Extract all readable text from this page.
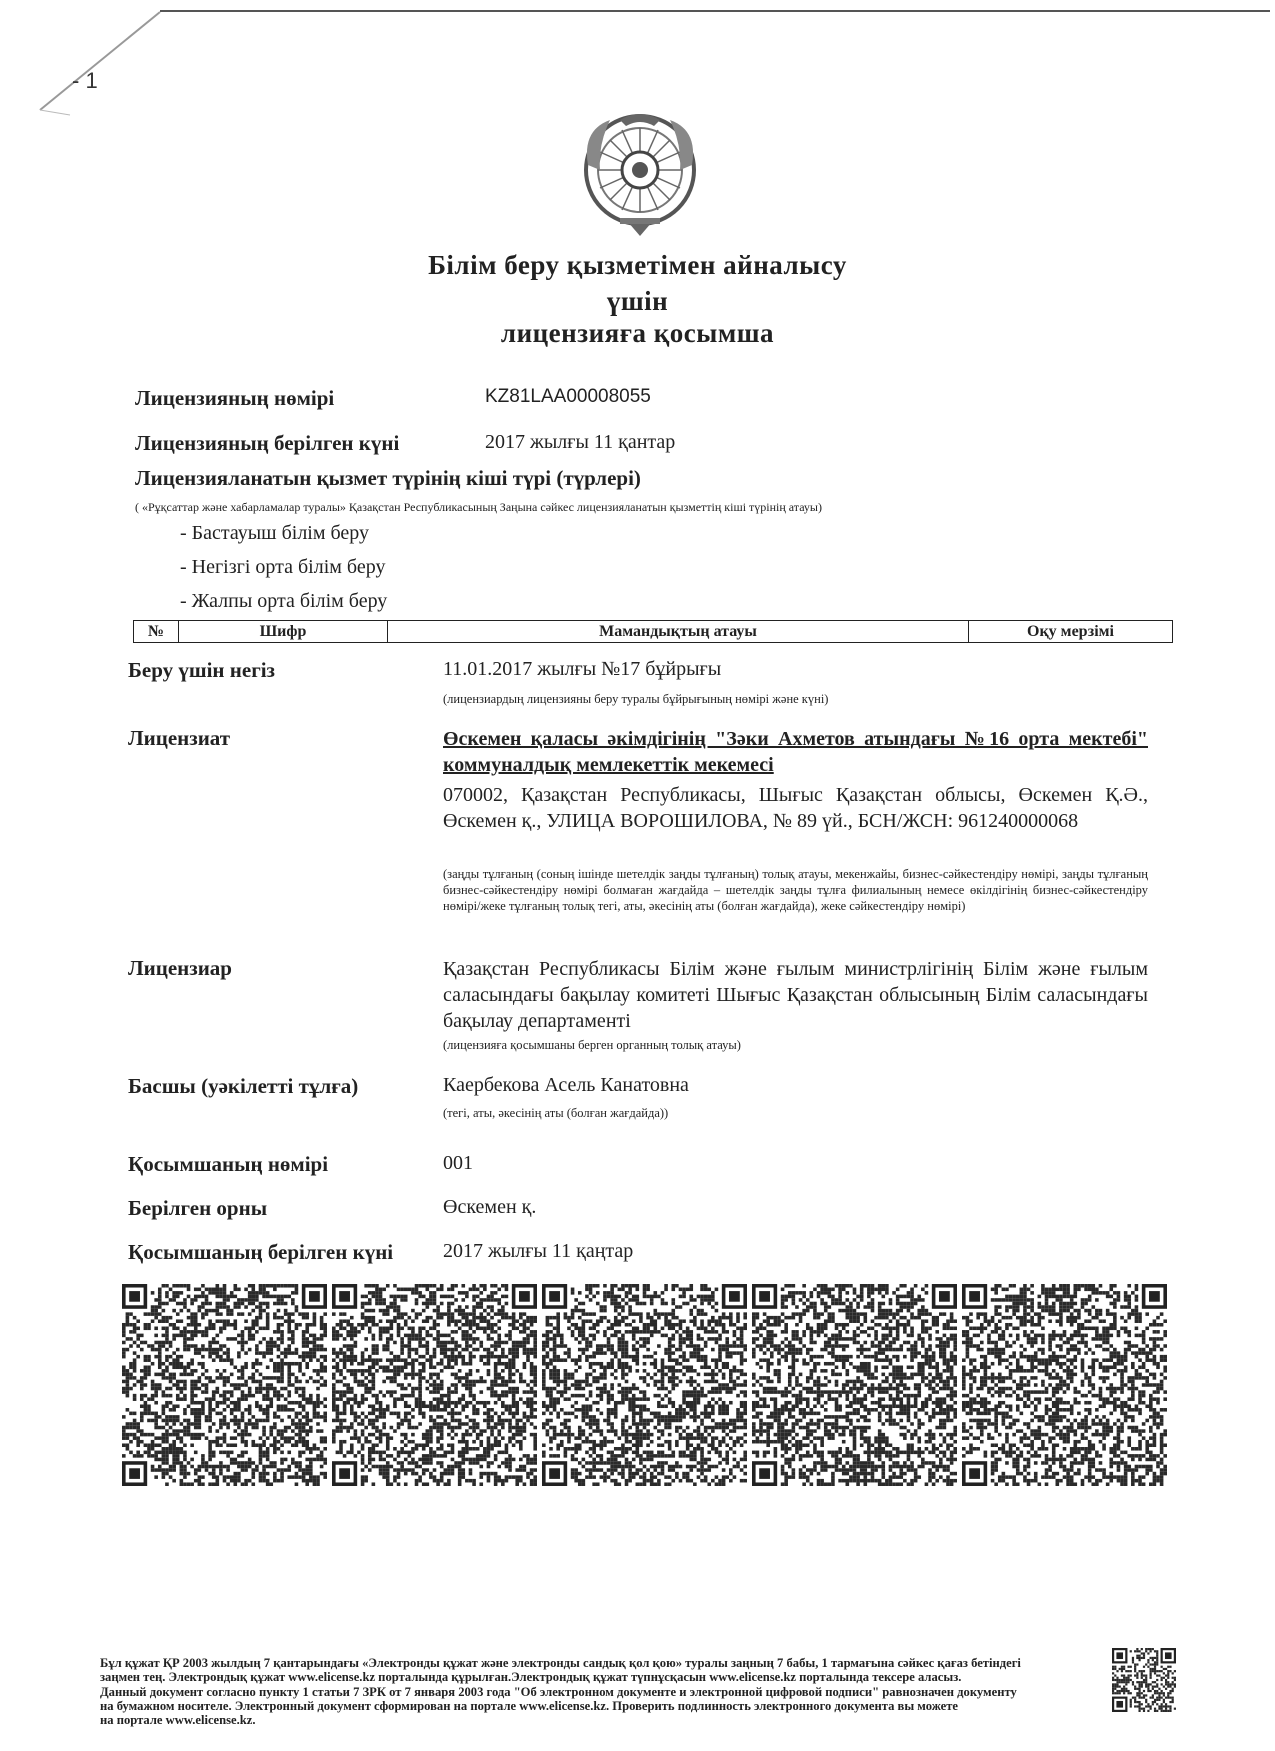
- 1
Білім беру қызметімен айналысу
үшін
лицензияға қосымша
Лицензияның нөмірі	KZ81LAA00008055
Лицензияның берілген күні	2017 жылғы 11 қантар
Лицензияланатын қызмет түрінің кіші түрі (түрлері)
( «Рұқсаттар және хабарламалар туралы» Қазақстан Республикасының Заңына сәйкес лицензияланатын қызметтің кіші түрінің атауы)
- Бастауыш білім беру
- Негізгі орта білім беру
- Жалпы орта білім беру
№	Шифр	Мамандықтың атауы	Оқу мерзімі
Беру үшін негіз	11.01.2017 жылғы №17 бұйрығы
(лицензиардың лицензияны беру туралы бұйрығының нөмірі және күні)
Лицензиат	Өскемен қаласы әкімдігінің "Зәки Ахметов атындағы №16 орта мектебі" коммуналдық мемлекеттік мекемесі
070002, Қазақстан Республикасы, Шығыс Қазақстан облысы, Өскемен Қ.Ә., Өскемен қ., УЛИЦА ВОРОШИЛОВА, № 89 үй., БСН/ЖСН: 961240000068
(заңды тұлғаның (соның ішінде шетелдік заңды тұлғаның) толық атауы, мекенжайы, бизнес-сәйкестендіру нөмірі, заңды тұлғаның бизнес-сәйкестендіру нөмірі болмаған жағдайда – шетелдік заңды тұлға филиалының немесе өкілдігінің бизнес-сәйкестендіру нөмірі/жеке тұлғаның толық тегі, аты, әкесінің аты (болған жағдайда), жеке сәйкестендіру нөмірі)
Лицензиар	Қазақстан Республикасы Білім және ғылым министрлігінің Білім және ғылым саласындағы бақылау комитеті Шығыс Қазақстан облысының Білім саласындағы бақылау департаменті
(лицензияға қосымшаны берген органның толық атауы)
Басшы (уәкілетті тұлға)	Каербекова Асель Канатовна
(тегі, аты, әкесінің аты (болған жағдайда))
Қосымшаның нөмірі	001
Берілген орны	Өскемен қ.
Қосымшаның берілген күні 2017 жылғы 11 қаңтар
Бұл құжат ҚР 2003 жылдың 7 қантарындағы «Электронды құжат және электронды сандық қол қою» туралы заңның 7 бабы, 1 тармағына сәйкес қағаз бетіндегі
заңмен тең. Электрондық құжат www.elicense.kz порталында құрылған.Электрондық құжат түпнұсқасын www.elicense.kz порталында тексере аласыз.
Данный документ согласно пункту 1 статьи 7 ЗРК от 7 января 2003 года "Об электронном документе и электронной цифровой подписи" равнозначен документу
на бумажном носителе. Электронный документ сформирован на портале www.elicense.kz. Проверить подлинность электронного документа вы можете
на портале www.elicense.kz.
